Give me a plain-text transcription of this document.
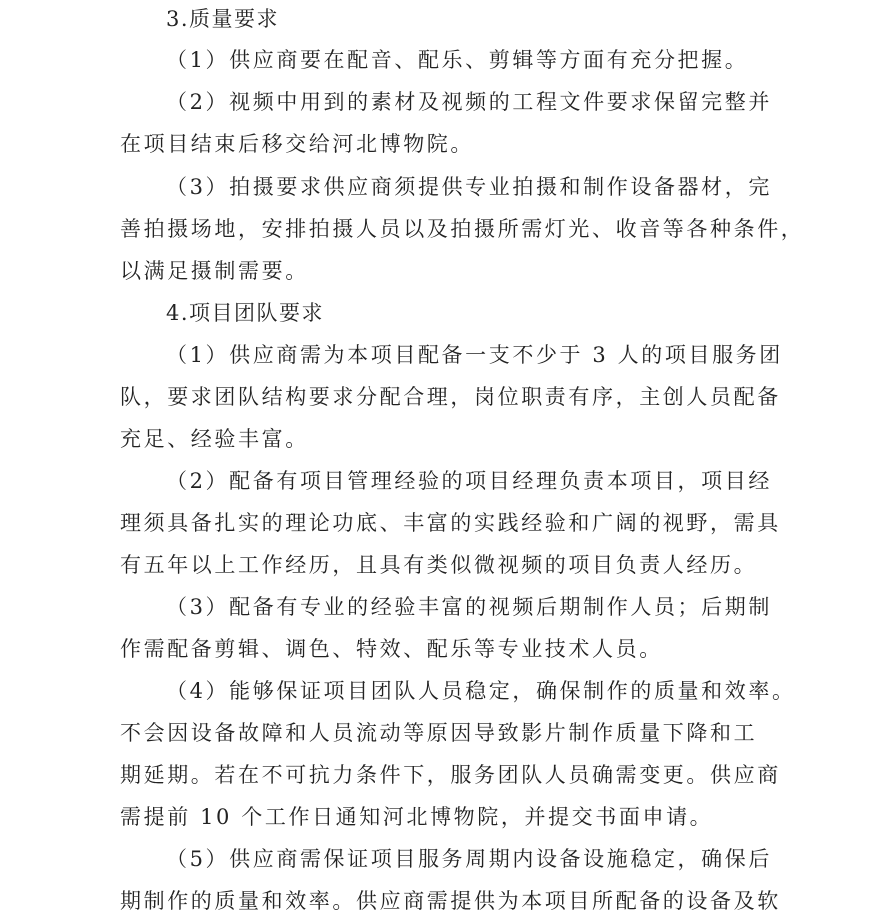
3.质量要求
（1）供应商要在配音、配乐、剪辑等方面有充分把握。
（2）视频中用到的素材及视频的工程文件要求保留完整并
在项目结束后移交给河北博物院。
（3）拍摄要求供应商须提供专业拍摄和制作设备器材，完
善拍摄场地，安排拍摄人员以及拍摄所需灯光、收音等各种条件，
以满足摄制需要。
4.项目团队要求
（1）供应商需为本项目配备一支不少于 3 人的项目服务团
队，要求团队结构要求分配合理，岗位职责有序，主创人员配备
充足、经验丰富。
（2）配备有项目管理经验的项目经理负责本项目，项目经
理须具备扎实的理论功底、丰富的实践经验和广阔的视野，需具
有五年以上工作经历，且具有类似微视频的项目负责人经历。
（3）配备有专业的经验丰富的视频后期制作人员；后期制
作需配备剪辑、调色、特效、配乐等专业技术人员。
（4）能够保证项目团队人员稳定，确保制作的质量和效率。
不会因设备故障和人员流动等原因导致影片制作质量下降和工
期延期。若在不可抗力条件下，服务团队人员确需变更。供应商
需提前 10 个工作日通知河北博物院，并提交书面申请。
（5）供应商需保证项目服务周期内设备设施稳定，确保后
期制作的质量和效率。供应商需提供为本项目所配备的设备及软
